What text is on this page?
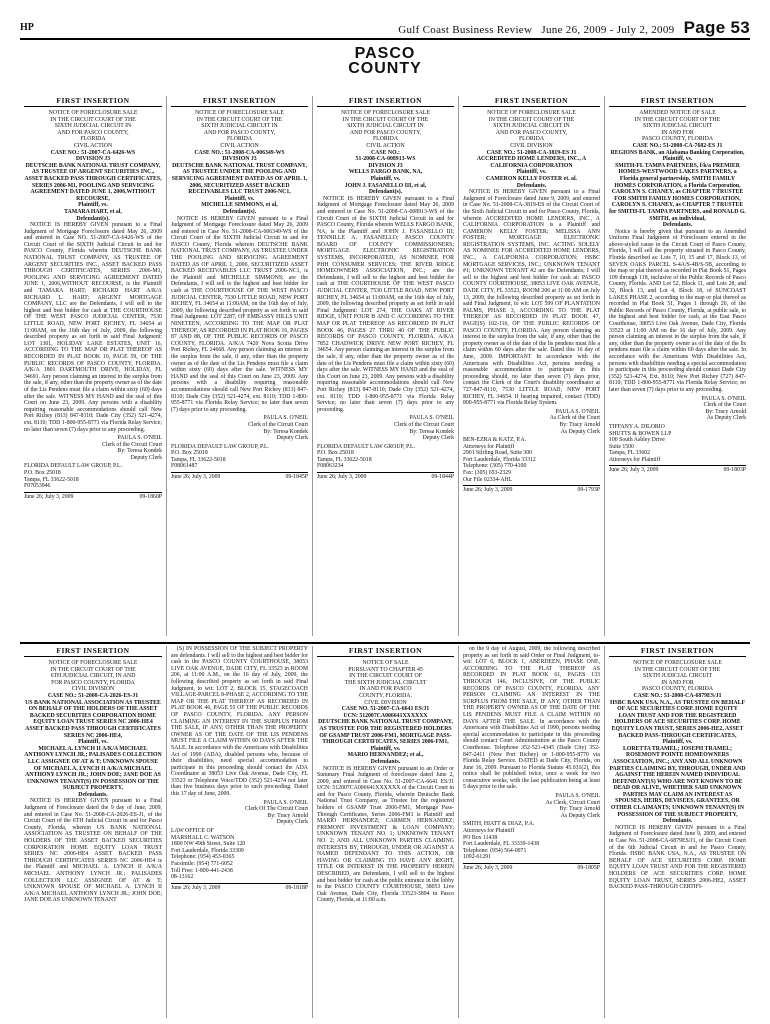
HP	Gulf Coast Business Review June 26, 2009 - July 2, 2009 Page 53
PASCO
COUNTY
FIRST INSERTION
NOTICE OF FORECLOSURE SALE
IN THE CIRCUIT COURT OF THE
SIXTH JUDICIAL CIRCUIT IN
AND FOR PASCO COUNTY,
FLORIDA
CIVIL ACTION
CASE NO.: 51-2007-CA-6426-WS
DIVISION J3
DEUTSCHE BANK NATIONAL TRUST COMPANY, AS TRUSTEE OF ARGENT SECURITIES INC., ASSET BACKED PASS THROUGH CERTIFICATES, SERIES 2006-M1, POOLING AND SERVICING AGREEMENT DATED JUNE 1, 2006,WITHOUT RECOURSE,
Plaintiff, vs.
TAMARA HART, et al,
Defendant(s).
NOTICE IS HEREBY GIVEN pursuant to a Final Judgment of Mortgage Foreclosure dated May 26, 2009 and entered in Case NO. 51-2007-CA-6426-WS of the Circuit Court of the SIXTH Judicial Circuit in and for PASCO County, Florida wherein DEUTSCHE BANK NATIONAL TRUST COMPANY, AS TRUSTEE OF ARGENT SECURITIES INC., ASSET BACKED PASS THROUGH CERTIFICATES, SERIES 2006-M1, POOLING AND SERVICING AGREEMENT DATED JUNE 1, 2006,WITHOUT RECOURSE, is the Plaintiff and TAMARA HART; RICHARD HART A/K/A RICHARD L. HART; ARGENT MORTGAGE COMPANY, LLC are the Defendants, I will sell to the highest and best bidder for cash at THE COURTHOUSE OF THE WEST PASCO JUDICIAL CENTER, 7530 LITTLE ROAD, NEW PORT RICHEY, FL 34654 at 11:00AM, on the 16th day of July, 2009, the following described property as set forth in said Final Judgment: LOT 1301, HOLIDAY LAKE ESTATES, UNIT 16, ACCORDING TO THE MAP OR PLAT THEREOF AS RECORDED IN PLAT BOOK 10, PAGE 59, OF THE PUBLIC RECORDS OF PASCO COUNTY, FLORIDA. A/K/A 1801 DARTMOUTH DRIVE, HOLIDAY, FL 34691. Any person claiming an interest in the surplus from the sale, if any, other than the property owner as of the date of the Lis Pendens must file a claim within sixty (60) days after the sale. WITNESS MY HAND and the seal of this Court on June 23, 2009. Any persons with a disability requiring reasonable accommodations should call New Port Richey (813) 847-8110; Dade City (352) 521-4274, ext. 8110; TDD 1-800-955-8771 via Florida Relay Service; no later than seven (7) days prior to any proceeding.
PAULA S. O'NEIL
Clerk of the Circuit Court
By: Teresa Kondek
Deputy Clerk
FLORIDA DEFAULT LAW GROUP, P.L.
P.O. Box 25018
Tampa, FL 33622-5018
F07053946
June 26; July 3, 2009	09-1860P
FIRST INSERTION
NOTICE OF FORECLOSURE SALE
IN THE CIRCUIT COURT OF THE
SIXTH JUDICIAL CIRCUIT IN
AND FOR PASCO COUNTY,
FLORIDA
CIVIL ACTION
CASE NO.: 51-2008-CA-006349-WS
DIVISION J3
DEUTSCHE BANK NATIONAL TRUST COMPANY, AS TRUSTEE UNDER THE POOLING AND SERVICING AGREEMENT DATED AS OF APRIL 1, 2006, SECURITIZED ASSET BACKED RECEIVABLES LLC TRUST 2006-NC1,
Plaintiff, vs.
MICHELLE SIMMONS, et al,
Defendant(s).
NOTICE IS HEREBY GIVEN pursuant to a Final Judgment of Mortgage Foreclosure dated May 26, 2009 and entered in Case No. 51-2008-CA-006349-WS of the Circuit Court of the SIXTH Judicial Circuit in and for PASCO County, Florida wherein DEUTSCHE BANK NATIONAL TRUST COMPANY, AS TRUSTEE UNDER THE POOLING AND SERVICING AGREEMENT DATED AS OF APRIL 1, 2006, SECURITIZED ASSET BACKED RECEIVABLES LLC TRUST 2006-NC1, is the Plaintiff and MICHELLE SIMMONS; are the Defendants, I will sell to the highest and best bidder for cash at THE COURTHOUSE OF THE WEST PASCO JUDICIAL CENTER, 7530 LITTLE ROAD, NEW PORT RICHEY, FL 34654 at 11:00AM, on the 16th day of July, 2009, the following described property as set forth in said Final Judgment: LOT 2287, OF EMBASSY HILLS UNIT NINETEEN, ACCORDING TO THE MAP OR PLAT THEREOF, AS RECORDED IN PLAT BOOK 16, PAGES 87 AND 88, OF THE PUBLIC RECORDS OF PASCO COUNTY, FLORIDA. A/K/A 7420 Nova Scotia Drive Port Richey, FL 34668. Any person claiming an interest in the surplus from the sale, if any, other than the property owner as of the date of the Lis Pendens must file a claim within sixty (60) days after the sale. WITNESS MY HAND and the seal of this Court on June 23, 2009. Any persons with a disability requiring reasonable accommodations should call New Port Richey (813) 847-8110; Dade City (352) 521-4274, ext. 8110; TDD 1-800-955-8771 via Florida Relay Service; no later than seven (7) days prior to any proceeding.
PAULA S. O'NEIL
Clerk of the Circuit Court
By: Teresa Kondek
Deputy Clerk
FLORIDA DEFAULT LAW GROUP, P.L.
P.O. Box 25018
Tampa, FL 33622-5018
F08061487
June 26; July 3, 2009	09-1845P
FIRST INSERTION
NOTICE OF FORECLOSURE SALE
IN THE CIRCUIT COURT OF THE
SIXTH JUDICIAL CIRCUIT IN
AND FOR PASCO COUNTY,
FLORIDA
CIVIL ACTION
CASE NO.:
51-2008-CA-008913-WS
DIVISION J3
WELLS FARGO BANK, NA,
Plaintiff, vs.
JOHN J. FASANELLO III, et al,
Defendant(s).
NOTICE IS HEREBY GIVEN pursuant to a Final Judgment of Mortgage Foreclosure dated May 26, 2009 and entered in Case No. 51-2008-CA-008913-WS of the Circuit Court of the SIXTH Judicial Circuit in and for PASCO County, Florida wherein WELLS FARGO BANK, NA, is the Plaintiff and JOHN J. FASANELLO III; TENNILLE A. FASANELLO; PASCO COUNTY BOARD OF COUNTY COMMISSIONERS; MORTGAGE ELECTRONIC REGISTRATION SYSTEMS, INCORPORATED, AS NOMINEE FOR PHH CONSUMER SERVICES; THE RIVER RIDGE HOMEOWNERS ASSOCIATION, INC.; are the Defendants, I will sell to the highest and best bidder for cash at THE COURTHOUSE OF THE WEST PASCO JUDICIAL CENTER, 7530 LITTLE ROAD, NEW PORT RICHEY, FL 34654 at 11:00AM, on the 16th day of July, 2009, the following described property as set forth in said Final Judgment: LOT 274, THE OAKS AT RIVER RIDGE, UNIT FOUR B AND C ACCORDING TO THE MAP OR PLAT THEREOF AS RECORDED IN PLAT BOOK 46, PAGES 27 THRU 40 OF THE PUBLIC RECORDS OF PASCO COUNTY, FLORIDA. A/K/A 7852 CHADWICK DRIVE NEW PORT RICHEY, FL 34654. Any person claiming an interest in the surplus from the sale, if any, other than the property owner as of the date of the Lis Pendens must file a claim within sixty (60) days after the sale. WITNESS MY HAND and the seal of this Court on June 23, 2009. Any persons with a disability requiring reasonable accommodations should call New Port Richey (813) 847-8110; Dade City (352) 521-4274, ext. 8110; TDD 1-800-955-8771 via Florida Relay Service; no later than seven (7) days prior to any proceeding.
PAULA S. O'NEIL
Clerk of the Circuit Court
By: Teresa Kondek
Deputy Clerk
FLORIDA DEFAULT LAW GROUP, P.L.
P.O. Box 25018
Tampa, FL 33622-5018
F08063234
June 26; July 3, 2009	09-1844P
FIRST INSERTION
NOTICE OF FORECLOSURE SALE
IN THE CIRCUIT COURT OF THE
SIXTH JUDICIAL CIRCUIT IN
AND FOR PASCO COUNTY,
FLORIDA
CIVIL DIVISION
CASE NO.: 51-2008-CA-3819-ES J1
ACCREDITED HOME LENDERS, INC., A CALIFORNIA CORPORATION
Plaintiff, vs.
CAMERON KELLY FOSTER et. al.
Defendants.
NOTICE IS HEREBY GIVEN pursuant to a Final Judgment of Foreclosure dated June 9, 2009, and entered in Case No. 51-2008-CA-3819-ES of the Circuit Court of the Sixth Judicial Circuit in and for Pasco County, Florida, wherein ACCREDITED HOME LENDERS, INC., A CALIFORNIA CORPORATION is a Plaintiff and CAMERON KELLY FOSTER; MELISSA ANN FOSTER; MORTGAGE ELECTRONIC REGISTRATION SYSTEMS, INC. ACTING SOLELY AS NOMINEE FOR ACCREDITED HOME LENDERS, INC., A CALIFORNIA CORPORATION; HSBC MORTGAGE SERVICES, INC.; UNKNOWN TENANT #1; UNKNOWN TENANT #2 are the Defendants; I will sell to the highest and best bidder for cash at: PASCO COUNTY COURTHOUSE, 38053 LIVE OAK AVENUE, DADE CITY, FL 33523, ROOM 206 at 11:00 AM on July 13, 2009, the following described property as set forth in said Final Judgment, to wit: LOT 599 OF PLANTATION PALMS, PHASE 3, ACCORDING TO THE PLAT THEREOF AS RECORDED IN PLAT BOOK 47, PAGE(S) 102-116, OF THE PUBLIC RECORDS OF PASCO COUNTY, FLORIDA. Any person claiming an interest in the surplus from the sale, if any, other than the property owner as of the date of the lis pendens must file a claim within 60 days after the sale. Dated this 16 day of June, 2009. IMPORTANT In accordance with the Americans with Disabilities Act, persons needing a reasonable accommodation to participate in this proceeding should, no later than seven (7) days prior, contact the Clerk of the Court's disability coordinator at 727-847-8110, 7530 LITTLE ROAD, NEW PORT RICHEY, FL 34654. If hearing impaired, contact (TDD) 800-955-8771 via Florida Relay System.
PAULA S. O'NEIL
As Clerk of the Court
By: Tracy Arnold
As Deputy Clerk
BEN-EZRA & KATZ, P.A.
Attorneys for Plaintiff
2901 Stirling Road, Suite 300
Fort Lauderdale, Florida 33312
Telephone: (305) 770-4100
Fax: (305) 653-2329
Our File 02334-AHL
June 26; July 3, 2009	09-1793P
FIRST INSERTION
AMENDED NOTICE OF SALE
IN THE CIRCUIT COURT OF THE
SIXTH JUDICIAL CIRCUIT
IN AND FOR
PASCO COUNTY, FLORIDA
CASE NO.: 51-2008-CA-7682-ES J1
REGIONS BANK, an Alabama Banking Corporation,
Plaintiff, vs.
SMITH-FL TAMPA PARTNERS, f/k/a PREMIER HOMES-WESTWOOD LAKES PARTNERS, a Florida general partnership, SMITH FAMILY HOMES CORPORATION, a Florida Corporation, CAROLYN S. CHANEY, as CHAPTER 7 TRUSTEE FOR SMITH FAMILY HOMES CORPORATION, CAROLYN S. CHANEY, as CHAPTER 7 TRUSTEE for SMITH-FL TAMPA PARTNERS, and RONALD G. SMITH, an individual,
Defendants.
Notice is hereby given that pursuant to an Amended Uniform Final Judgment of Foreclosure entered in the above-styled cause in the Circuit Court of Pasco County, Florida, I will sell the property situated in Pasco County, Florida described as: Lots 7, 10, 15 and 17, Block 13, of SEVEN OAKS PARCEL S-4A/S-4B/S-5B, according to the map or plat thereof as recorded in Plat Book 51, Pages 109 through 118, inclusive of the Public Records of Pasco County, Florida. AND Lot 52, Block 11, and Lots 28, and 32, Block 13, and Lot 4, Block 18, of SUNCOAST LAKES PHASE 2, according to the map or plat thereof as recorded in Plat Book 51, Pages 1 through 26, of the Public Records of Pasco County, Florida, at public sale, to the highest and best bidder for cash, at the East Pasco Courthouse, 38053 Live Oak Avenue, Dade City, Florida 33523 at 11:00 AM on the 16 day of July, 2009. Any person claiming an interest in the surplus from the sale, if any, other than the property owner as of the date of the lis pendens must file a claim within 60 days after the sale. In accordance with the Americans With Disabilities Act, persons with disabilities needing a special accommodation to participate in this proceeding should contact Dade City (352) 521-4274, Ext. 8110; New Port Richey (727) 847-8110; TDD 1-800-955-8771 via Florida Relay Service; no later than seven (7) days prior to any proceeding.
PAULA S. O'NEIL
Clerk of the Court
By: Tracy Arnold
As Deputy Clerk
TIFFANY A. DILORIO
SHUTTS & BOWEN LLP
100 South Ashley Drive
Suite 1500
Tampa, FL 33602
Attorneys for Plaintiff
June 26; July 3, 2009	09-1803P
FIRST INSERTION
NOTICE OF FORECLOSURE SALE
IN THE CIRCUIT COURT OF THE
6TH JUDICIAL CIRCUIT, IN AND
FOR PASCO COUNTY, FLORIDA
CIVIL DIVISION
CASE NO.: 51-2008-CA-2026-ES-J1
US BANK NATIONAL ASSOCIATION AS TRUSTEE ON BEHALF OF THE HOLDERS OF THE ASSET BACKED SECURITIES CORPORATION HOME EQUITY LOAN TRUST SERIES NC 2006-HE4 ASSET BACKED PASS THROUGH CERTIFICATES SERIES NC 2006-HE4,
Plaintiff, vs.
MICHAEL A. LYNCH II A/K/A MICHAEL ANTHONY LYNCH JR.; PALISADES COLLECTION LLC ASSIGNEE OF AT & T; UNKNOWN SPOUSE OF MICHAEL A. LYNCH II A/K/A MICHAEL ANTHONY LYNCH JR.; JOHN DOE; JANE DOE AS UNKNOWN TENANT(S) IN POSSESSION OF THE SUBJECT PROPERTY,
Defendants.
NOTICE IS HEREBY GIVEN pursuant to a Final Judgment of Foreclosure dated the 9 day of June, 2009, and entered in Case No. 51-2008-CA-2026-ES-J1, of the Circuit Court of the 6TH Judicial Circuit in and for Pasco County, Florida, wherein US BANK NATIONAL ASSOCIATION AS TRUSTEE ON BEHALF OF THE HOLDERS OF THE ASSET BACKED SECURITIES CORPORATION HOME EQUITY LOAN TRUST SERIES NC 2006-HE4 ASSET BACKED PASS THROUGH CERTIFICATES SERIES NC 2006-HE4 is the Plaintiff and MICHAEL A. LYNCH II A/K/A MICHAEL ANTHONY LYNCH JR.; PALISADES COLLECTION LLC ASSIGNEE OF AT & T; UNKNOWN SPOUSE OF MICHAEL A. LYNCH II A/K/A MICHAEL ANTHONY LYNCH JR.; JOHN DOE; JANE DOE AS UNKNOWN TENANT
(S) IN POSSESSION OF THE SUBJECT PROPERTY are defendants. I will sell to the highest and best bidder for cash in the PASCO COUNTY COURTHOUSE, 38053 LIVE OAK AVENUE, DADE CITY, FL 33523 in ROOM 206, at 11:00 A.M., on the 16 day of July, 2009, the following described property as set forth in said Final Judgment, to wit: LOT 2, BLOCK 15, STAGECOACH VILLAGE-PARCEL 8-PHASE 2, ACCORDING TO THE MAP OR THE PLAT THEREOF AS RECORDED IN PLAT BOOK 46, PAGE 55 OF THE PUBLIC RECORDS OF PASCO COUNTY, FLORIDA. ANY PERSON CLAIMING AN INTEREST IN THE SURPLUS FROM THE SALE, IF ANY, OTHER THAN THE PROPERTY OWNER AS OF THE DATE OF THE LIS PENDENS MUST FILE A CLAIM WITHIN 60 DAYS AFTER THE SALE. In accordance with the Americans with Disabilities Act of 1990 (ADA), disabled persons who, because of their disabilities, need special accommodation to participate in this proceeding should contact the ADA Coordinator at 38053 Live Oak Avenue, Dade City, FL 33523 or Telephone Voice/TDD (352) 521-4274 not later than five business days prior to such proceeding. Dated this 17 day of June, 2009.
PAULA S. O'NEIL
Clerk Of The Circuit Court
By: Tracy Arnold
Deputy Clerk
LAW OFFICE OF
MARSHALL C. WATSON
1800 NW 49th Street, Suite 120
Fort Lauderdale, Florida 33309
Telephone: (954) 453-0365
Facsimile: (954) 771-6052
Toll Free: 1-800-441-2438
08-13162
June 26; July 3, 2009	09-1818P
FIRST INSERTION
NOTICE OF SALE
PURSUANT TO CHAPTER 45
IN THE CIRCUIT COURT OF
THE SIXTH JUDICIAL CIRCUIT
IN AND FOR PASCO
COUNTY, FLORIDA.
CIVIL DIVISION
CASE NO. 51-2007-CA-6641 ES/J1
UCN: 512007CA006641XXXXXX
DEUTSCHE BANK NATIONAL TRUST COMPANY, AS TRUSTEE FOR THE REGISTERED HOLDERS OF GSAMP TRUST 2006-FM1, MORTGAGE PASS-THROUGH CERTIFICATES, SERIES 2006-FM1,
Plaintiff, vs.
MARIO HERNANDEZ; et al.,
Defendants.
NOTICE IS HEREBY GIVEN pursuant to an Order or Summary Final Judgment of foreclosure dated June 2, 2009, and entered in Case No. 51-2007-CA-6641 ES/J1 UCN: 512007CA006641XXXXXX of the Circuit Court in and for Pasco County, Florida, wherein Deutsche Bank National Trust Company, as Trustee for the registered holders of GSAMP Trust 2006-FM1, Mortgage Pass-Through Certificates, Series 2006-FM1 is Plaintiff and MARIO HERNANDEZ; CARMEN HERNANDEZ; FREMONT INVESTMENT & LOAN COMPANY; UNKNOWN TENANT NO. 1; UNKNOWN TENANT NO. 2; AND ALL UNKNOWN PARTIES CLAIMING INTERESTS BY, THROUGH, UNDER OR AGAINST A NAMED DEFENDANT TO THIS ACTION, OR HAVING OR CLAIMING TO HAVE ANY RIGHT, TITLE OR INTEREST IN THE PROPERTY HEREIN DESCRIBED, are Defendants, I will sell to the highest and best bidder for cash at the public entrance in the lobby to the PASCO COUNTY COURTHOUSE, 38053 Live Oak Avenue, Dade City, Florida 33523-3894 in Pasco County, Florida, at 11:00 a.m.
on the 9 day of August, 2009, the following described property as set forth in said Order or Final Judgment, to-wit: LOT 6, BLOCK 1, ABERDEEN, PHASE ONE, ACCORDING TO THE PLAT THEREOF AS RECORDED IN PLAT BOOK 61, PAGES 133 THROUGH 146, INCLUSIVE, OF THE PUBLIC RECORDS OF PASCO COUNTY, FLORIDA. ANY PERSON CLAIMING AN INTEREST IN THE SURPLUS FROM THE SALE, IF ANY, OTHER THAN THE PROPERTY OWNER AS OF THE DATE OF THE LIS PENDENS MUST FILE A CLAIM WITHIN 60 DAYS AFTER THE SALE. In accordance with the Americans with Disabilities Act of 1990, persons needing special accommodation to participate in this proceeding should contact Court Administration at the Pasco County Courthouse. Telephone 352-521-4345 (Dade City) 352-847-2411 (New Port Richey) or 1-800-955-8770 via Florida Relay Service. DATED at Dade City, Florida, on June 16, 2009. Pursuant to Florida Statute 45.031(2), this notice shall be published twice, once a week for two consecutive weeks, with the last publication being at least 5 days prior to the sale.
PAULA S. O'NEIL
As Clerk, Circuit Court
By: Tracy Arnold
As Deputy Clerk
SMITH, HIATT & DIAZ, P.A.
Attorneys for Plaintiff
PO Box 11438
Fort Lauderdale, FL 33339-1438
Telephone: (954) 564-0071
1092-61291
June 26; July 3, 2009	09-1805P
FIRST INSERTION
NOTICE OF FORECLOSURE SALE
IN THE CIRCUIT COURT OF THE
SIXTH JUDICIAL CIRCUIT
IN AND FOR
PASCO COUNTY, FLORIDA
CASE NO.: 51-2008-CA-6879ES/J1
HSBC BANK USA, N.A., AS TRUSTEE ON BEHALF OF ACE SECURITIES CORP. HOME EQUITY LOAN TRUST AND FOR THE REGISTERED HOLDERS OF ACE SECURITIES CORP. HOME EQUITY LOAN TRUST, SERIES 2006-HE2, ASSET BACKED PASS-THROUGH CERTIFICATES,
Plaintiff, vs.
LORETTA TRAMEL; JOSEPH TRAMEL; ROSEMONT POINTE HOMEOWNERS ASSOCIATION, INC.; ANY AND ALL UNKNOWN PARTIES CLAIMING BY, THROUGH, UNDER AND AGAINST THE HEREIN NAMED INDIVIDUAL DEFENDANT(S) WHO ARE NOT KNOWN TO BE DEAD OR ALIVE, WHETHER SAID UNKNOWN PARTIES MAY CLAIM AN INTEREST AS SPOUSES, HEIRS, DEVISEES, GRANTEES, OR OTHER CLAIMANTS; UNKNOWN TENANT(S) IN POSSESSION OF THE SUBJECT PROPERTY,
Defendants.
NOTICE IS HEREBY GIVEN pursuant to a Final Judgment of Foreclosure dated June 9, 2009, and entered in Case No. 51-2008-CA-6879ES/J1, of the Circuit Court of the 6th Judicial Circuit in and for Pasco County, Florida. HSBC BANK USA, N.A., AS TRUSTEE ON BEHALF OF ACE SECURITIES CORP. HOME EQUITY LOAN TRUST AND FOR THE REGISTERED HOLDERS OF ACE SECURITIES CORP. HOME EQUITY LOAN TRUST, SERIES 2006-HE2, ASSET BACKED PASS-THROUGH CERTIFI-
